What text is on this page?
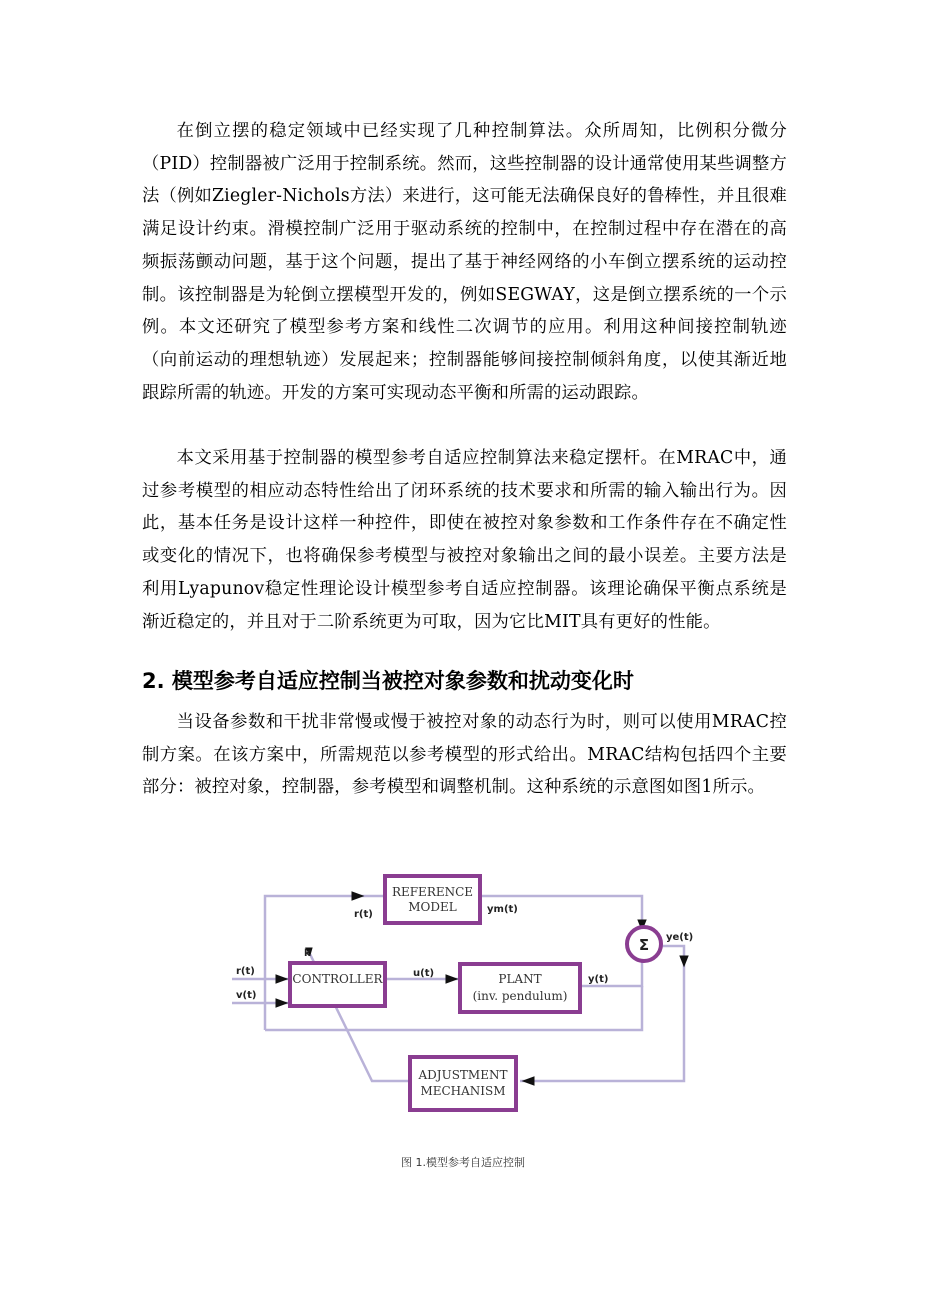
在倒立摆的稳定领域中已经实现了几种控制算法。众所周知，比例积分微分（PID）控制器被广泛用于控制系统。然而，这些控制器的设计通常使用某些调整方法（例如Ziegler-Nichols方法）来进行，这可能无法确保良好的鲁棒性，并且很难满足设计约束。滑模控制广泛用于驱动系统的控制中，在控制过程中存在潜在的高频振荡颤动问题，基于这个问题，提出了基于神经网络的小车倒立摆系统的运动控制。该控制器是为轮倒立摆模型开发的，例如SEGWAY，这是倒立摆系统的一个示例。本文还研究了模型参考方案和线性二次调节的应用。利用这种间接控制轨迹（向前运动的理想轨迹）发展起来；控制器能够间接控制倾斜角度，以使其渐近地跟踪所需的轨迹。开发的方案可实现动态平衡和所需的运动跟踪。

本文采用基于控制器的模型参考自适应控制算法来稳定摆杆。在MRAC中，通过参考模型的相应动态特性给出了闭环系统的技术要求和所需的输入输出行为。因此，基本任务是设计这样一种控件，即使在被控对象参数和工作条件存在不确定性或变化的情况下，也将确保参考模型与被控对象输出之间的最小误差。主要方法是利用Lyapunov稳定性理论设计模型参考自适应控制器。该理论确保平衡点系统是渐近稳定的，并且对于二阶系统更为可取，因为它比MIT具有更好的性能。

2. 模型参考自适应控制当被控对象参数和扰动变化时

当设备参数和干扰非常慢或慢于被控对象的动态行为时，则可以使用MRAC控制方案。在该方案中，所需规范以参考模型的形式给出。MRAC结构包括四个主要部分：被控对象，控制器，参考模型和调整机制。这种系统的示意图如图1所示。

REFERENCE
MODEL
CONTROLLER	PLANT
(inv. pendulum)
ADJUSTMENT
MECHANISM
Σ
r(t)	ym(t)
r(t)
v(t)
u(t)
y(t)
ye(t)
k
图 1.模型参考自适应控制
